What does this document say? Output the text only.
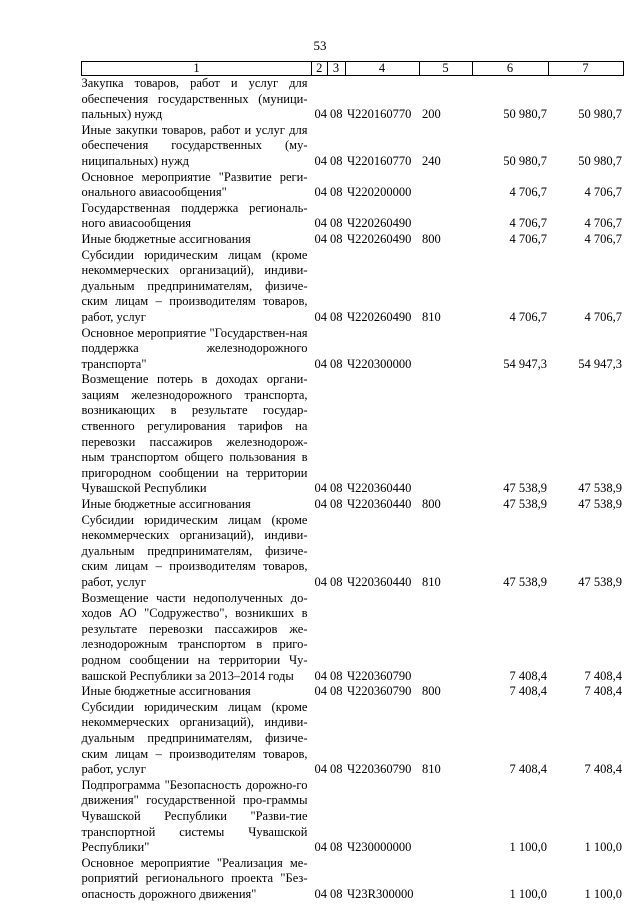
53
1	2	3	4	5	6	7
Закупка товаров, работ и услуг для обеспечения государственных (муници-пальных) нужд	04	08	Ч220160770	200	50 980,7	50 980,7
Иные закупки товаров, работ и услуг для обеспечения государственных (му-ниципальных) нужд	04	08	Ч220160770	240	50 980,7	50 980,7
Основное мероприятие "Развитие реги-онального авиасообщения"	04	08	Ч220200000		4 706,7	4 706,7
Государственная поддержка региональ-ного авиасообщения	04	08	Ч220260490		4 706,7	4 706,7
Иные бюджетные ассигнования	04	08	Ч220260490	800	4 706,7	4 706,7
Субсидии юридическим лицам (кроме некоммерческих организаций), индиви-дуальным предпринимателям, физиче-ским лицам – производителям товаров, работ, услуг	04	08	Ч220260490	810	4 706,7	4 706,7
Основное мероприятие "Государствен-ная поддержка железнодорожного транспорта"	04	08	Ч220300000		54 947,3	54 947,3
Возмещение потерь в доходах органи-зациям железнодорожного транспорта, возникающих в результате государ-ственного регулирования тарифов на перевозки пассажиров железнодорож-ным транспортом общего пользования в пригородном сообщении на территории Чувашской Республики	04	08	Ч220360440		47 538,9	47 538,9
Иные бюджетные ассигнования	04	08	Ч220360440	800	47 538,9	47 538,9
Субсидии юридическим лицам (кроме некоммерческих организаций), индиви-дуальным предпринимателям, физиче-ским лицам – производителям товаров, работ, услуг	04	08	Ч220360440	810	47 538,9	47 538,9
Возмещение части недополученных до-ходов АО "Содружество", возникших в результате перевозки пассажиров же-лезнодорожным транспортом в приго-родном сообщении на территории Чу-вашской Республики за 2013–2014 годы	04	08	Ч220360790		7 408,4	7 408,4
Иные бюджетные ассигнования	04	08	Ч220360790	800	7 408,4	7 408,4
Субсидии юридическим лицам (кроме некоммерческих организаций), индиви-дуальным предпринимателям, физиче-ским лицам – производителям товаров, работ, услуг	04	08	Ч220360790	810	7 408,4	7 408,4
Подпрограмма "Безопасность дорожно-го движения" государственной про-граммы Чувашской Республики "Разви-тие транспортной системы Чувашской Республики"	04	08	Ч230000000		1 100,0	1 100,0
Основное мероприятие "Реализация ме-роприятий регионального проекта "Без-опасность дорожного движения"	04	08	Ч23R300000		1 100,0	1 100,0
